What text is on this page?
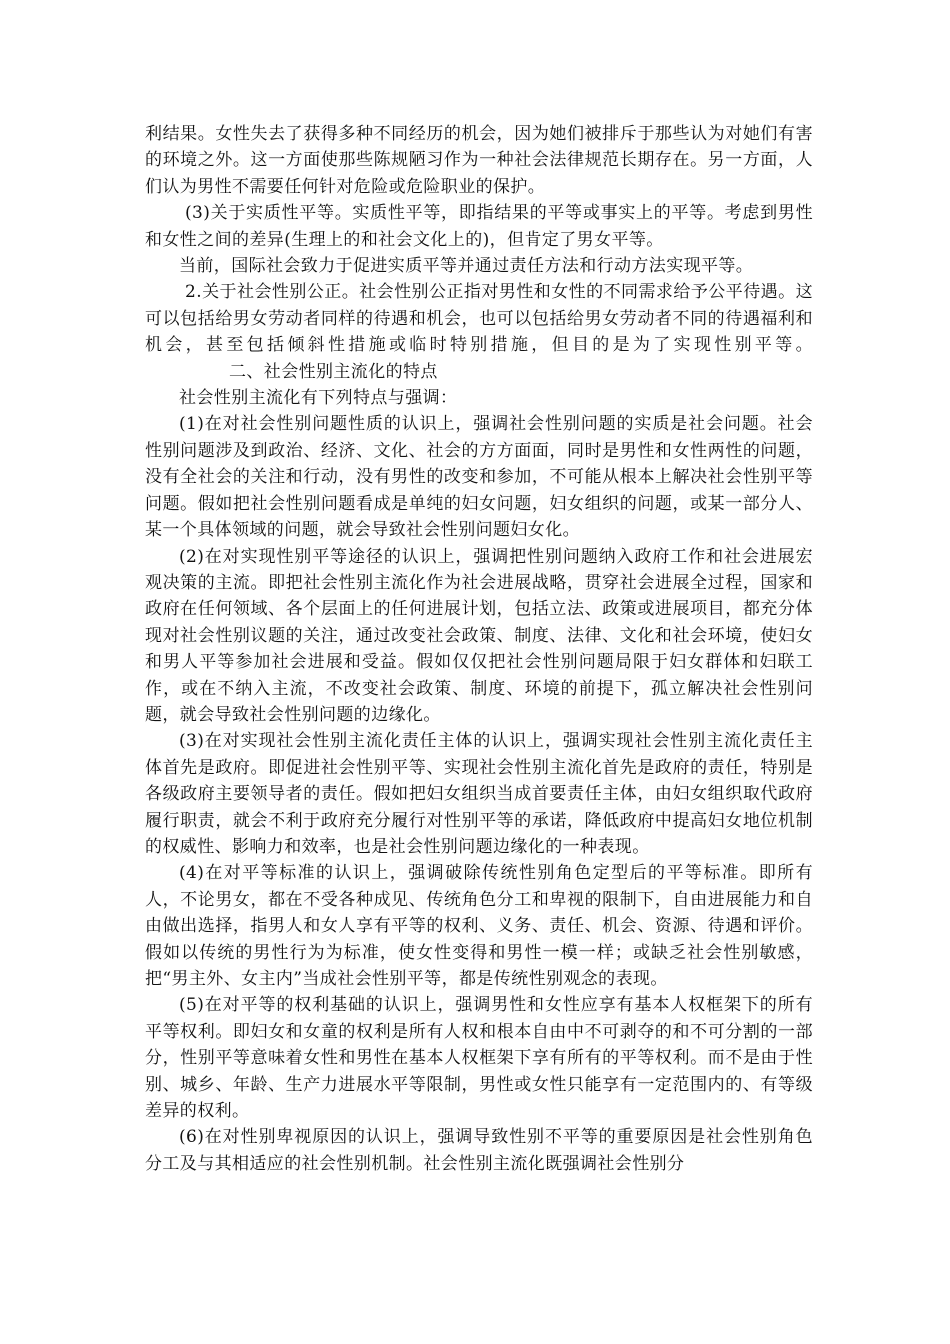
利结果。女性失去了获得多种不同经历的机会，因为她们被排斥于那些认为对她们有害的环境之外。这一方面使那些陈规陋习作为一种社会法律规范长期存在。另一方面，人们认为男性不需要任何针对危险或危险职业的保护。

(3)关于实质性平等。实质性平等，即指结果的平等或事实上的平等。考虑到男性和女性之间的差异(生理上的和社会文化上的)，但肯定了男女平等。

当前，国际社会致力于促进实质平等并通过责任方法和行动方法实现平等。

2.关于社会性别公正。社会性别公正指对男性和女性的不同需求给予公平待遇。这可以包括给男女劳动者同样的待遇和机会，也可以包括给男女劳动者不同的待遇福利和机会，甚至包括倾斜性措施或临时特别措施，但目的是为了实现性别平等。二、社会性别主流化的特点

社会性别主流化有下列特点与强调：

(1)在对社会性别问题性质的认识上，强调社会性别问题的实质是社会问题。社会性别问题涉及到政治、经济、文化、社会的方方面面，同时是男性和女性两性的问题，没有全社会的关注和行动，没有男性的改变和参加，不可能从根本上解决社会性别平等问题。假如把社会性别问题看成是单纯的妇女问题，妇女组织的问题，或某一部分人、某一个具体领域的问题，就会导致社会性别问题妇女化。

(2)在对实现性别平等途径的认识上，强调把性别问题纳入政府工作和社会进展宏观决策的主流。即把社会性别主流化作为社会进展战略，贯穿社会进展全过程，国家和政府在任何领域、各个层面上的任何进展计划，包括立法、政策或进展项目，都充分体现对社会性别议题的关注，通过改变社会政策、制度、法律、文化和社会环境，使妇女和男人平等参加社会进展和受益。假如仅仅把社会性别问题局限于妇女群体和妇联工作，或在不纳入主流，不改变社会政策、制度、环境的前提下，孤立解决社会性别问题，就会导致社会性别问题的边缘化。

(3)在对实现社会性别主流化责任主体的认识上，强调实现社会性别主流化责任主体首先是政府。即促进社会性别平等、实现社会性别主流化首先是政府的责任，特别是各级政府主要领导者的责任。假如把妇女组织当成首要责任主体，由妇女组织取代政府履行职责，就会不利于政府充分履行对性别平等的承诺，降低政府中提高妇女地位机制的权威性、影响力和效率，也是社会性别问题边缘化的一种表现。

(4)在对平等标准的认识上，强调破除传统性别角色定型后的平等标准。即所有人，不论男女，都在不受各种成见、传统角色分工和卑视的限制下，自由进展能力和自由做出选择，指男人和女人享有平等的权利、义务、责任、机会、资源、待遇和评价。假如以传统的男性行为为标准，使女性变得和男性一模一样；或缺乏社会性别敏感，把“男主外、女主内”当成社会性别平等，都是传统性别观念的表现。

(5)在对平等的权利基础的认识上，强调男性和女性应享有基本人权框架下的所有平等权利。即妇女和女童的权利是所有人权和根本自由中不可剥夺的和不可分割的一部分，性别平等意味着女性和男性在基本人权框架下享有所有的平等权利。而不是由于性别、城乡、年龄、生产力进展水平等限制，男性或女性只能享有一定范围内的、有等级差异的权利。

(6)在对性别卑视原因的认识上，强调导致性别不平等的重要原因是社会性别角色分工及与其相适应的社会性别机制。社会性别主流化既强调社会性别分
